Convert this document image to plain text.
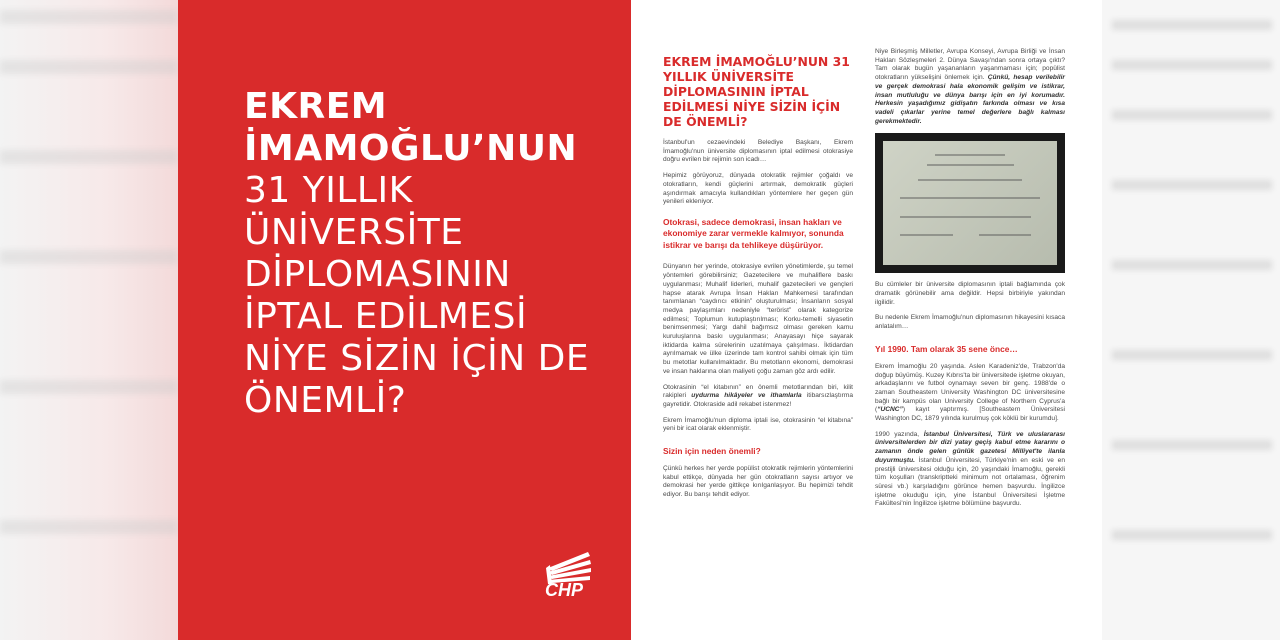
EKREM
İMAMOĞLU’NUN
31 YILLIK
ÜNİVERSİTE
DİPLOMASININ
İPTAL EDİLMESİ
NİYE SİZİN İÇİN DE
ÖNEMLİ?
CHP
EKREM İMAMOĞLU’NUN 31 YILLIK ÜNİVERSİTE DİPLOMASININ İPTAL EDİLMESİ NİYE SİZİN İÇİN DE ÖNEMLİ?

İstanbul'un cezaevindeki Belediye Başkanı, Ekrem İmamoğlu'nun üniversite diplomasının iptal edilmesi otokrasiye doğru evrilen bir rejimin son icadı…

Hepimiz görüyoruz, dünyada otokratik rejimler çoğaldı ve otokratların, kendi güçlerini artırmak, demokratik güçleri aşındırmak amacıyla kullandıkları yöntemlere her geçen gün yenileri ekleniyor.

Otokrasi, sadece demokrasi, insan hakları ve ekonomiye zarar vermekle kalmıyor, sonunda istikrar ve barışı da tehlikeye düşürüyor.

Dünyanın her yerinde, otokrasiye evrilen yönetimlerde, şu temel yöntemleri görebilirsiniz; Gazetecilere ve muhaliflere baskı uygulanması; Muhalif liderleri, muhalif gazetecileri ve gençleri hapse atarak Avrupa İnsan Hakları Mahkemesi tarafından tanımlanan “caydırıcı etkinin” oluşturulması; İnsanların sosyal medya paylaşımları nedeniyle “terörist” olarak kategorize edilmesi; Toplumun kutuplaştırılması; Korku-temelli siyasetin benimsenmesi; Yargı dahil bağımsız olması gereken kamu kuruluşlarına baskı uygulanması; Anayasayı hiçe sayarak iktidarda kalma sürelerinin uzatılmaya çalışılması. İktidardan ayrılmamak ve ülke üzerinde tam kontrol sahibi olmak için tüm bu metotlar kullanılmaktadır. Bu metotların ekonomi, demokrasi ve insan haklarına olan maliyeti çoğu zaman göz ardı edilir.

Otokrasinin “el kitabının” en önemli metotlarından biri, kilit rakipleri uydurma hikâyeler ve ithamlarla itibarsızlaştırma gayretidir. Otokraside adil rekabet istenmez!

Ekrem İmamoğlu'nun diploma iptali ise, otokrasinin “el kitabına” yeni bir icat olarak eklenmiştir.

Sizin için neden önemli?

Çünkü herkes her yerde popülist otokratik rejimlerin yöntemlerini kabul ettikçe, dünyada her gün otokratların sayısı artıyor ve demokrasi her yerde gittikçe kırılganlaşıyor. Bu hepimizi tehdit ediyor. Bu barışı tehdit ediyor.

Niye Birleşmiş Milletler, Avrupa Konseyi, Avrupa Birliği ve İnsan Hakları Sözleşmeleri 2. Dünya Savaşı'ndan sonra ortaya çıktı? Tam olarak bugün yaşananların yaşanmaması için; popülist otokratların yükselişini önlemek için. Çünkü, hesap verilebilir ve gerçek demokrasi hala ekonomik gelişim ve istikrar, insan mutluluğu ve dünya barışı için en iyi korumadır. Herkesin yaşadığımız gidişatın farkında olması ve kısa vadeli çıkarlar yerine temel değerlere bağlı kalması gerekmektedir.

Bu cümleler bir üniversite diplomasının iptali bağlamında çok dramatik görünebilir ama değildir. Hepsi birbiriyle yakından ilgilidir.

Bu nedenle Ekrem İmamoğlu'nun diplomasının hikayesini kısaca anlatalım…

Yıl 1990. Tam olarak 35 sene önce…

Ekrem İmamoğlu 20 yaşında. Aslen Karadeniz'de, Trabzon'da doğup büyümüş. Kuzey Kıbrıs'ta bir üniversitede işletme okuyan, arkadaşlarını ve futbol oynamayı seven bir genç. 1988'de o zaman Southeastern University Washington DC üniversitesine bağlı bir kampüs olan University College of Northern Cyprus'a (“UCNC”) kayıt yaptırmış. [Southeastern Üniversitesi Washington DC, 1879 yılında kurulmuş çok köklü bir kurumdu].

1990 yazında, İstanbul Üniversitesi, Türk ve uluslararası üniversitelerden bir dizi yatay geçiş kabul etme kararını o zamanın önde gelen günlük gazetesi Milliyet'te ilanla duyurmuştu. İstanbul Üniversitesi, Türkiye'nin en eski ve en prestijli üniversitesi olduğu için, 20 yaşındaki İmamoğlu, gerekli tüm koşulları (transkriptteki minimum not ortalaması, öğrenim süresi vb.) karşıladığını görünce hemen başvurdu. İngilizce işletme okuduğu için, yine İstanbul Üniversitesi İşletme Fakültesi'nin İngilizce işletme bölümüne başvurdu.
